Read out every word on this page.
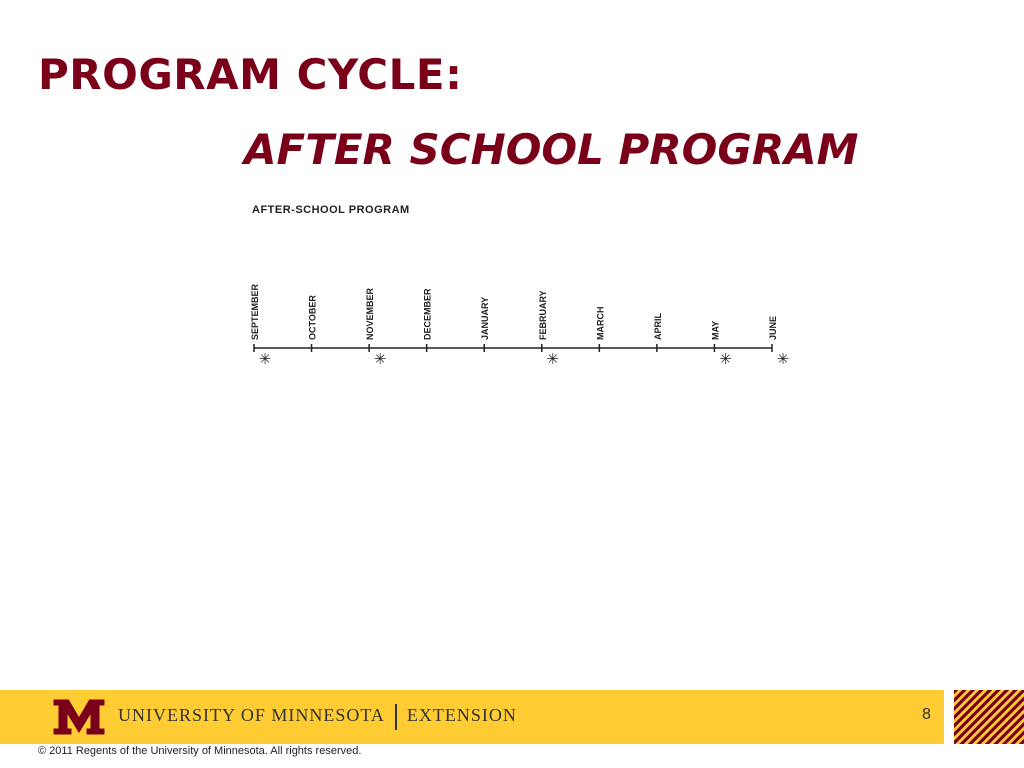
PROGRAM CYCLE:
AFTER SCHOOL PROGRAM
AFTER-SCHOOL PROGRAM
SEPTEMBER
✳
OCTOBER	NOVEMBER
✳
DECEMBER	JANUARY	FEBRUARY
✳
MARCH	APRIL	MAY
✳
JUNE
✳
UNIVERSITY OF MINNESOTA EXTENSION	8
© 2011 Regents of the University of Minnesota. All rights reserved.
